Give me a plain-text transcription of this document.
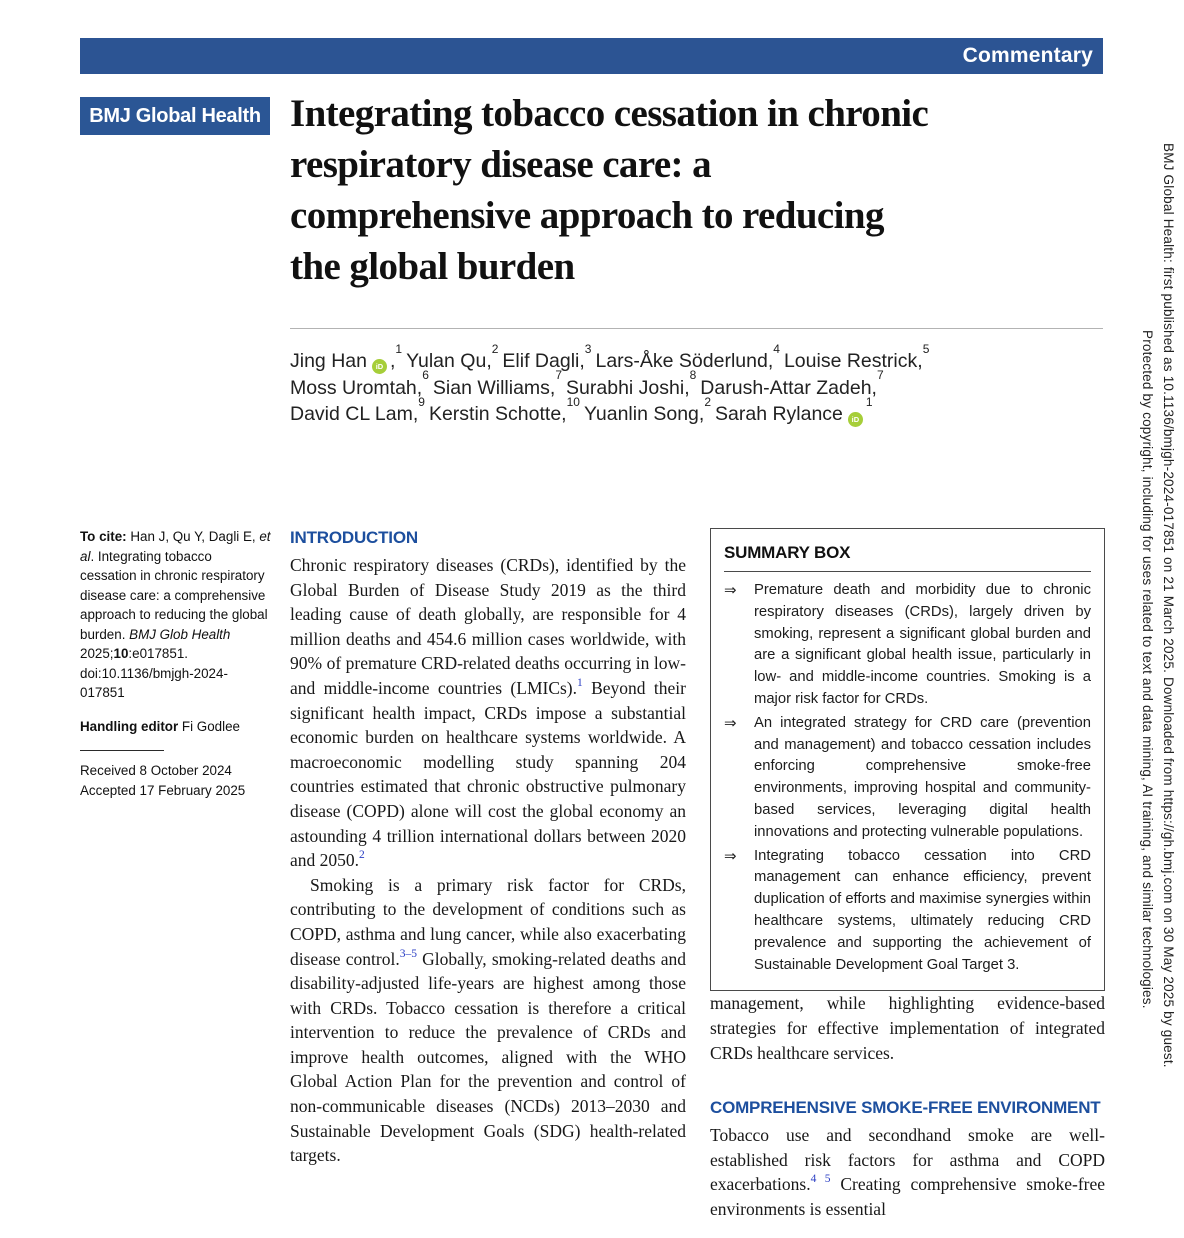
Commentary
BMJ Global Health Integrating tobacco cessation in chronic
respiratory disease care: a
comprehensive approach to reducing
the global burden
Jing Han iD ,$^1$Yulan Qu,$^2$Elif Dagli,$^3$Lars-Åke Söderlund,$^4$Louise Restrick,$^5$
Moss Uromtah,$^6$Sian Williams,$^7$Surabhi Joshi,$^8$Darush-Attar Zadeh,$^7$
David CL Lam,$^9$Kerstin Schotte,$^{10}$Yuanlin Song,$^2$Sarah Rylance iD
$^1$

To cite: Han J, Qu Y, Dagli E, et al. Integrating tobacco cessation in chronic respiratory disease care: a comprehensive approach to reducing the global burden. BMJ Glob Health 2025;10:e017851. doi:10.1136/bmjgh-2024-017851

Handling editor Fi Godlee

Received 8 October 2024
Accepted 17 February 2025

INTRODUCTION

Chronic respiratory diseases (CRDs), identified by the Global Burden of Disease Study 2019 as the third leading cause of death globally, are responsible for 4 million deaths and 454.6 million cases worldwide, with 90% of premature CRD-related deaths occurring in low- and middle-income countries (LMICs).$^1$ Beyond their significant health impact, CRDs impose a substantial economic burden on healthcare systems worldwide. A macroeconomic modelling study spanning 204 countries estimated that chronic obstructive pulmonary disease (COPD) alone will cost the global economy an astounding 4 trillion international dollars between 2020 and 2050.$^2$

Smoking is a primary risk factor for CRDs, contributing to the development of conditions such as COPD, asthma and lung cancer, while also exacerbating disease control.$^{3-5}$ Globally, smoking-related deaths and disability-adjusted life-years are highest among those with CRDs. Tobacco cessation is therefore a critical intervention to reduce the prevalence of CRDs and improve health outcomes, aligned with the WHO Global Action Plan for the prevention and control of non-communicable diseases (NCDs) 2013–2030 and Sustainable Development Goals (SDG) health-related targets.

SUMMARY BOX
⇒	Premature death and morbidity due to chronic respiratory diseases (CRDs), largely driven by smoking, represent a significant global burden and are a significant global health issue, particularly in low- and middle-income countries. Smoking is a major risk factor for CRDs.
⇒	An integrated strategy for CRD care (prevention and management) and tobacco cessation includes enforcing comprehensive smoke-free environments, improving hospital and community-based services, leveraging digital health innovations and protecting vulnerable populations.
⇒	Integrating tobacco cessation into CRD management can enhance efficiency, prevent duplication of efforts and maximise synergies within healthcare systems, ultimately reducing CRD prevalence and supporting the achievement of Sustainable Development Goal Target 3.

management, while highlighting evidence-based strategies for effective implementation of integrated CRDs healthcare services.

COMPREHENSIVE SMOKE-FREE ENVIRONMENT

Tobacco use and secondhand smoke are well-established risk factors for asthma and COPD exacerbations.$^{4 5}$ Creating comprehensive smoke-free environments is essential

BMJ Global Health: first published as 10.1136/bmjgh-2024-017851 on 21 March 2025. Downloaded from https://gh.bmj.com on 30 May 2025 by guest.
Protected by copyright, including for uses related to text and data mining, AI training, and similar technologies.
